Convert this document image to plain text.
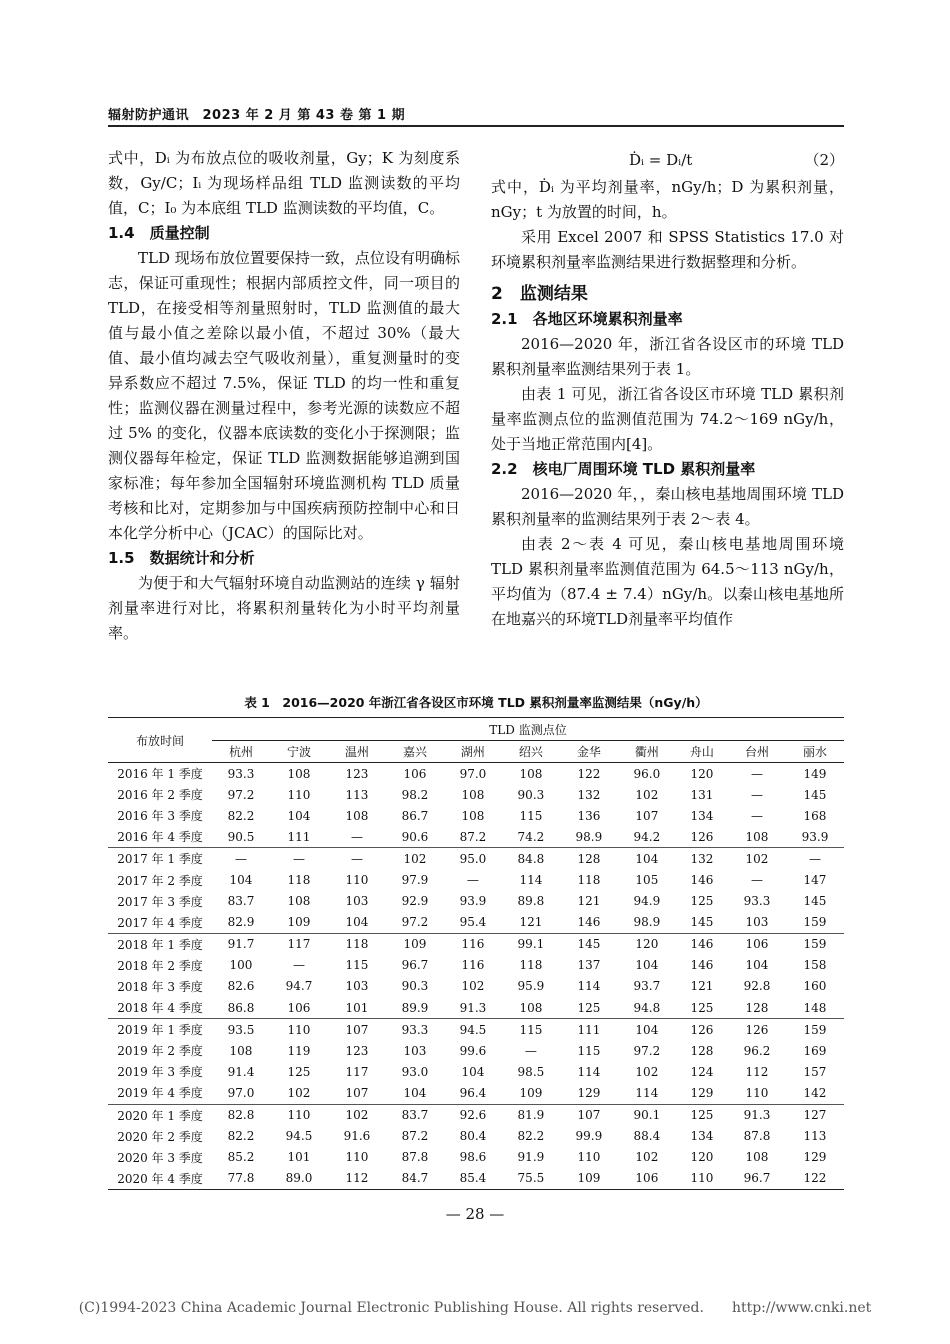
辐射防护通讯　2023 年 2 月 第 43 卷 第 1 期

式中，Dᵢ 为布放点位的吸收剂量，Gy；K 为刻度系数，Gy/C；Iᵢ 为现场样品组 TLD 监测读数的平均值，C；I₀ 为本底组 TLD 监测读数的平均值，C。

1.4　质量控制

TLD 现场布放位置要保持一致，点位设有明确标志，保证可重现性；根据内部质控文件，同一项目的 TLD，在接受相等剂量照射时，TLD 监测值的最大值与最小值之差除以最小值，不超过 30%（最大值、最小值均减去空气吸收剂量），重复测量时的变异系数应不超过 7.5%，保证 TLD 的均一性和重复性；监测仪器在测量过程中，参考光源的读数应不超过 5% 的变化，仪器本底读数的变化小于探测限；监测仪器每年检定，保证 TLD 监测数据能够追溯到国家标准；每年参加全国辐射环境监测机构 TLD 质量考核和比对，定期参加与中国疾病预防控制中心和日本化学分析中心（JCAC）的国际比对。

1.5　数据统计和分析

为便于和大气辐射环境自动监测站的连续 γ 辐射剂量率进行对比，将累积剂量转化为小时平均剂量率。

Ḋᵢ = Dᵢ/t	（2）

式中，Ḋᵢ 为平均剂量率，nGy/h；D 为累积剂量，nGy；t 为放置的时间，h。

采用 Excel 2007 和 SPSS Statistics 17.0 对环境累积剂量率监测结果进行数据整理和分析。

2　监测结果
2.1　各地区环境累积剂量率

2016—2020 年，浙江省各设区市的环境 TLD 累积剂量率监测结果列于表 1。

由表 1 可见，浙江省各设区市环境 TLD 累积剂量率监测点位的监测值范围为 74.2～169 nGy/h，处于当地正常范围内[4]。

2.2　核电厂周围环境 TLD 累积剂量率

2016—2020 年，，秦山核电基地周围环境 TLD 累积剂量率的监测结果列于表 2～表 4。

由表 2～表 4 可见，秦山核电基地周围环境 TLD 累积剂量率监测值范围为 64.5～113 nGy/h，平均值为（87.4 ± 7.4）nGy/h。以秦山核电基地所在地嘉兴的环境TLD剂量率平均值作

表 1　2016—2020 年浙江省各设区市环境 TLD 累积剂量率监测结果（nGy/h）
布放时间	TLD 监测点位										
	杭州	宁波	温州	嘉兴	湖州	绍兴	金华	衢州	舟山	台州	丽水
2016 年 1 季度	93.3	108	123	106	97.0	108	122	96.0	120	—	149
2016 年 2 季度	97.2	110	113	98.2	108	90.3	132	102	131	—	145
2016 年 3 季度	82.2	104	108	86.7	108	115	136	107	134	—	168
2016 年 4 季度	90.5	111	—	90.6	87.2	74.2	98.9	94.2	126	108	93.9
2017 年 1 季度	—	—	—	102	95.0	84.8	128	104	132	102	—
2017 年 2 季度	104	118	110	97.9	—	114	118	105	146	—	147
2017 年 3 季度	83.7	108	103	92.9	93.9	89.8	121	94.9	125	93.3	145
2017 年 4 季度	82.9	109	104	97.2	95.4	121	146	98.9	145	103	159
2018 年 1 季度	91.7	117	118	109	116	99.1	145	120	146	106	159
2018 年 2 季度	100	—	115	96.7	116	118	137	104	146	104	158
2018 年 3 季度	82.6	94.7	103	90.3	102	95.9	114	93.7	121	92.8	160
2018 年 4 季度	86.8	106	101	89.9	91.3	108	125	94.8	125	128	148
2019 年 1 季度	93.5	110	107	93.3	94.5	115	111	104	126	126	159
2019 年 2 季度	108	119	123	103	99.6	—	115	97.2	128	96.2	169
2019 年 3 季度	91.4	125	117	93.0	104	98.5	114	102	124	112	157
2019 年 4 季度	97.0	102	107	104	96.4	109	129	114	129	110	142
2020 年 1 季度	82.8	110	102	83.7	92.6	81.9	107	90.1	125	91.3	127
2020 年 2 季度	82.2	94.5	91.6	87.2	80.4	82.2	99.9	88.4	134	87.8	113
2020 年 3 季度	85.2	101	110	87.8	98.6	91.9	110	102	120	108	129
2020 年 4 季度	77.8	89.0	112	84.7	85.4	75.5	109	106	110	96.7	122
— 28 —
(C)1994-2023 China Academic Journal Electronic Publishing House. All rights reserved.　　http://www.cnki.net
